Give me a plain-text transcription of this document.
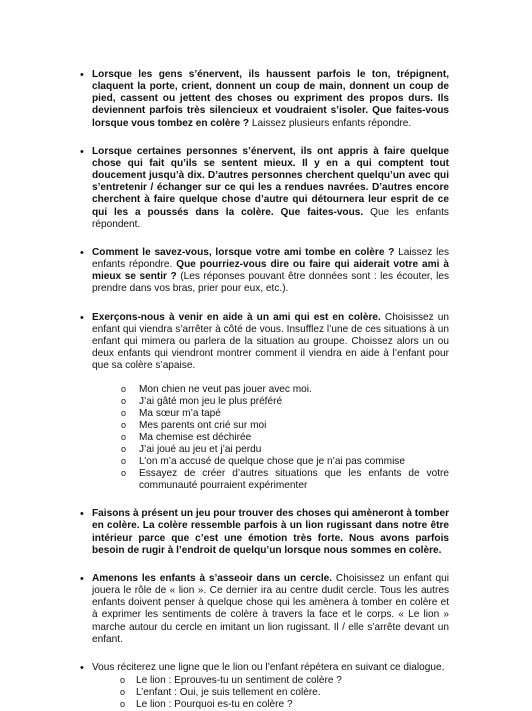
• Lorsque les gens s’énervent, ils haussent parfois le ton, trépignent, claquent la porte, crient, donnent un coup de main, donnent un coup de pied, cassent ou jettent des choses ou expriment des propos durs. Ils deviennent parfois très silencieux et voudraient s’isoler. Que faites-vous lorsque vous tombez en colère ? Laissez plusieurs enfants répondre.

• Lorsque certaines personnes s’énervent, ils ont appris à faire quelque chose qui fait qu’ils se sentent mieux. Il y en a qui comptent tout doucement jusqu’à dix. D’autres personnes cherchent quelqu’un avec qui s’entretenir / échanger sur ce qui les a rendues navrées. D’autres encore cherchent à faire quelque chose d’autre qui détournera leur esprit de ce qui les a poussés dans la colère. Que faites-vous. Que les enfants répondent.

• Comment le savez-vous, lorsque votre ami tombe en colère ? Laissez les enfants répondre. Que pourriez-vous dire ou faire qui aiderait votre ami à mieux se sentir ? (Les réponses pouvant être données sont : les écouter, les prendre dans vos bras, prier pour eux, etc.).

• Exerçons-nous à venir en aide à un ami qui est en colère. Choisissez un enfant qui viendra s’arrêter à côté de vous. Insufflez l’une de ces situations à un enfant qui mimera ou parlera de la situation au groupe. Choissez alors un ou deux enfants qui viendront montrer comment il viendra en aide à l’enfant pour que sa colère s’apaise.

o Mon chien ne veut pas jouer avec moi.
o J’ai gâté mon jeu le plus préféré
o Ma sœur m’a tapé
o Mes parents ont crié sur moi
o Ma chemise est déchirée
o J’ai joué au jeu et j’ai perdu
o L’on m’a accusé de quelque chose que je n’ai pas commise
o Essayez de créer d’autres situations que les enfants de votre communauté pourraient expérimenter

• Faisons à présent un jeu pour trouver des choses qui amèneront à tomber en colère. La colère ressemble parfois à un lion rugissant dans notre être intérieur parce que c’est une émotion très forte. Nous avons parfois besoin de rugir à l’endroit de quelqu’un lorsque nous sommes en colère.

• Amenons les enfants à s’asseoir dans un cercle. Choisissez un enfant qui jouera le rôle de « lion ». Ce dernier ira au centre dudit cercle. Tous les autres enfants doivent penser à quelque chose qui les amènera à tomber en colère et à exprimer les sentiments de colère à travers la face et le corps. « Le lion » marche autour du cercle en imitant un lion rugissant. Il / elle s’arrête devant un enfant.

• Vous réciterez une ligne que le lion ou l’enfant répétera en suivant ce dialogue.

o Le lion : Eprouves-tu un sentiment de colère ?
o L’enfant : Oui, je suis tellement en colère.
o Le lion : Pourquoi es-tu en colère ?
